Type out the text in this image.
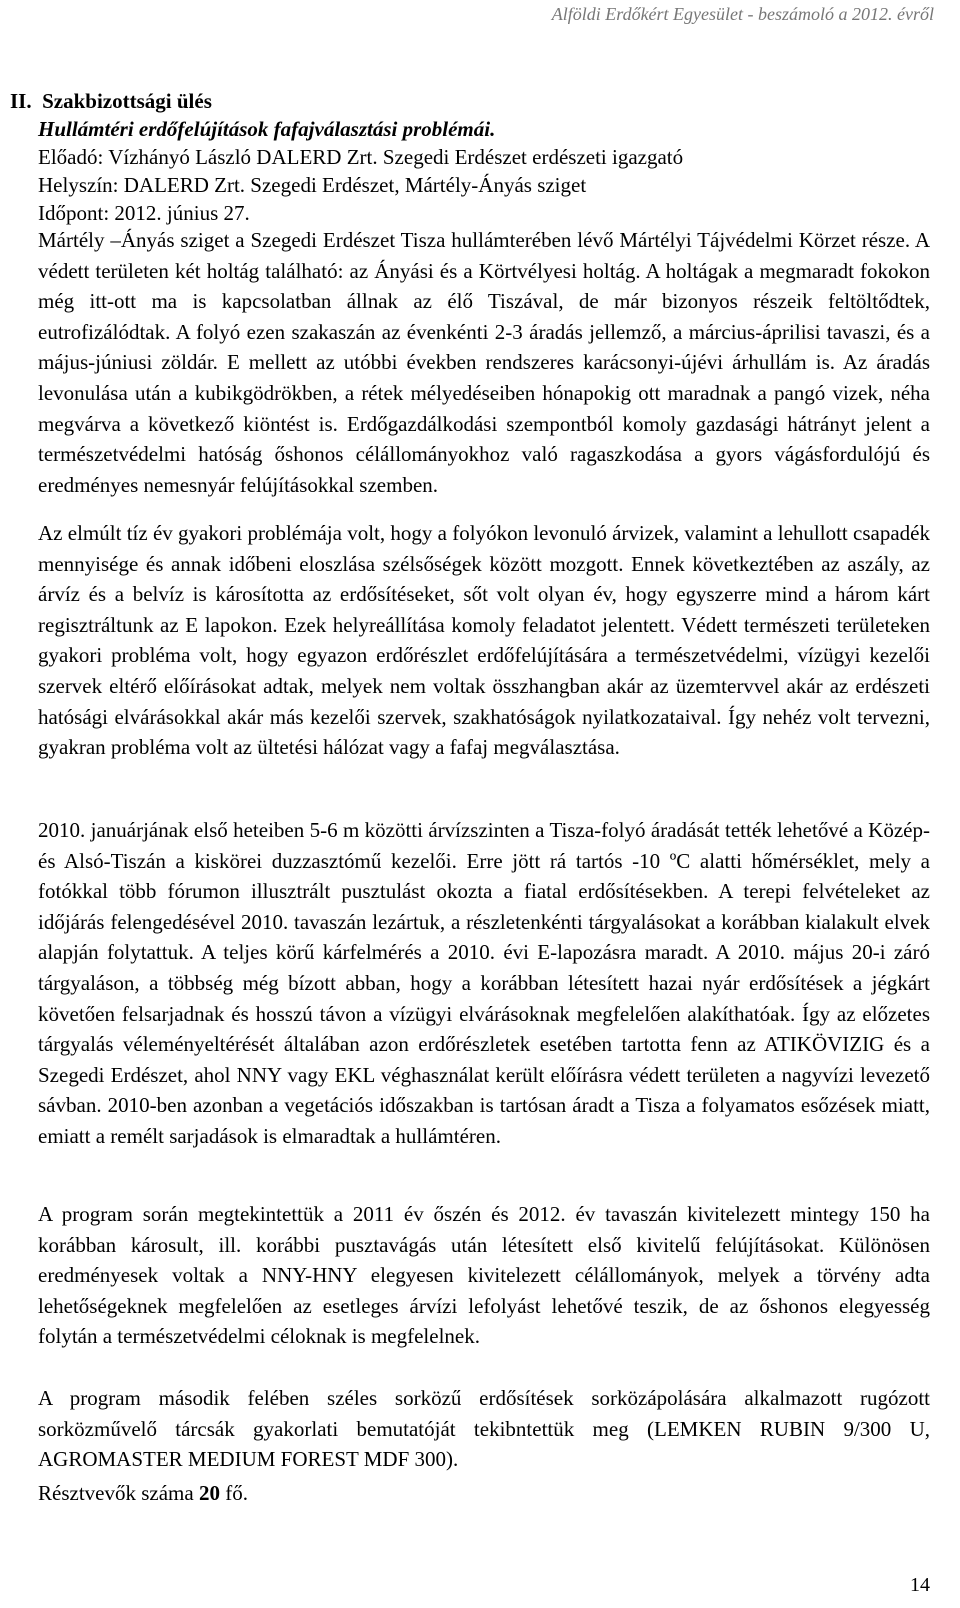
Alföldi Erdőkért Egyesület - beszámoló a 2012. évről

II. Szakbizottsági ülés

Hullámtéri erdőfelújítások fafajválasztási problémái.

Előadó: Vízhányó László DALERD Zrt. Szegedi Erdészet erdészeti igazgató

Helyszín: DALERD Zrt. Szegedi Erdészet, Mártély-Ányás sziget

Időpont: 2012. június 27.

Mártély –Ányás sziget a Szegedi Erdészet Tisza hullámterében lévő Mártélyi Tájvédelmi Körzet része. A védett területen két holtág található: az Ányási és a Körtvélyesi holtág. A holtágak a megmaradt fokokon még itt-ott ma is kapcsolatban állnak az élő Tiszával, de már bizonyos részeik feltöltődtek, eutrofizálódtak. A folyó ezen szakaszán az évenkénti 2-3 áradás jellemző, a március-áprilisi tavaszi, és a május-júniusi zöldár. E mellett az utóbbi években rendszeres karácsonyi-újévi árhullám is. Az áradás levonulása után a kubikgödrökben, a rétek mélyedéseiben hónapokig ott maradnak a pangó vizek, néha megvárva a következő kiöntést is. Erdőgazdálkodási szempontból komoly gazdasági hátrányt jelent a természetvédelmi hatóság őshonos célállományokhoz való ragaszkodása a gyors vágásfordulójú és eredményes nemesnyár felújításokkal szemben.

Az elmúlt tíz év gyakori problémája volt, hogy a folyókon levonuló árvizek, valamint a lehullott csapadék mennyisége és annak időbeni eloszlása szélsőségek között mozgott. Ennek következtében az aszály, az árvíz és a belvíz is károsította az erdősítéseket, sőt volt olyan év, hogy egyszerre mind a három kárt regisztráltunk az E lapokon. Ezek helyreállítása komoly feladatot jelentett. Védett természeti területeken gyakori probléma volt, hogy egyazon erdőrészlet erdőfelújítására a természetvédelmi, vízügyi kezelői szervek eltérő előírásokat adtak, melyek nem voltak összhangban akár az üzemtervvel akár az erdészeti hatósági elvárásokkal akár más kezelői szervek, szakhatóságok nyilatkozataival. Így nehéz volt tervezni, gyakran probléma volt az ültetési hálózat vagy a fafaj megválasztása.

2010. januárjának első heteiben 5-6 m közötti árvízszinten a Tisza-folyó áradását tették lehetővé a Közép- és Alsó-Tiszán a kiskörei duzzasztómű kezelői. Erre jött rá tartós -10 ºC alatti hőmérséklet, mely a fotókkal több fórumon illusztrált pusztulást okozta a fiatal erdősítésekben. A terepi felvételeket az időjárás felengedésével 2010. tavaszán lezártuk, a részletenkénti tárgyalásokat a korábban kialakult elvek alapján folytattuk. A teljes körű kárfelmérés a 2010. évi E-lapozásra maradt. A 2010. május 20-i záró tárgyaláson, a többség még bízott abban, hogy a korábban létesített hazai nyár erdősítések a jégkárt követően felsarjadnak és hosszú távon a vízügyi elvárásoknak megfelelően alakíthatóak. Így az előzetes tárgyalás véleményeltérését általában azon erdőrészletek esetében tartotta fenn az ATIKÖVIZIG és a Szegedi Erdészet, ahol NNY vagy EKL véghasználat került előírásra védett területen a nagyvízi levezető sávban. 2010-ben azonban a vegetációs időszakban is tartósan áradt a Tisza a folyamatos esőzések miatt, emiatt a remélt sarjadások is elmaradtak a hullámtéren.

A program során megtekintettük a 2011 év őszén és 2012. év tavaszán kivitelezett mintegy 150 ha korábban károsult, ill. korábbi pusztavágás után létesített első kivitelű felújításokat. Különösen eredményesek voltak a NNY-HNY elegyesen kivitelezett célállományok, melyek a törvény adta lehetőségeknek megfelelően az esetleges árvízi lefolyást lehetővé teszik, de az őshonos elegyesség folytán a természetvédelmi céloknak is megfelelnek.

A program második felében széles sorközű erdősítések sorközápolására alkalmazott rugózott sorközművelő tárcsák gyakorlati bemutatóját tekibntettük meg (LEMKEN RUBIN 9/300 U, AGROMASTER MEDIUM FOREST MDF 300).

Résztvevők száma 20 fő.

14
